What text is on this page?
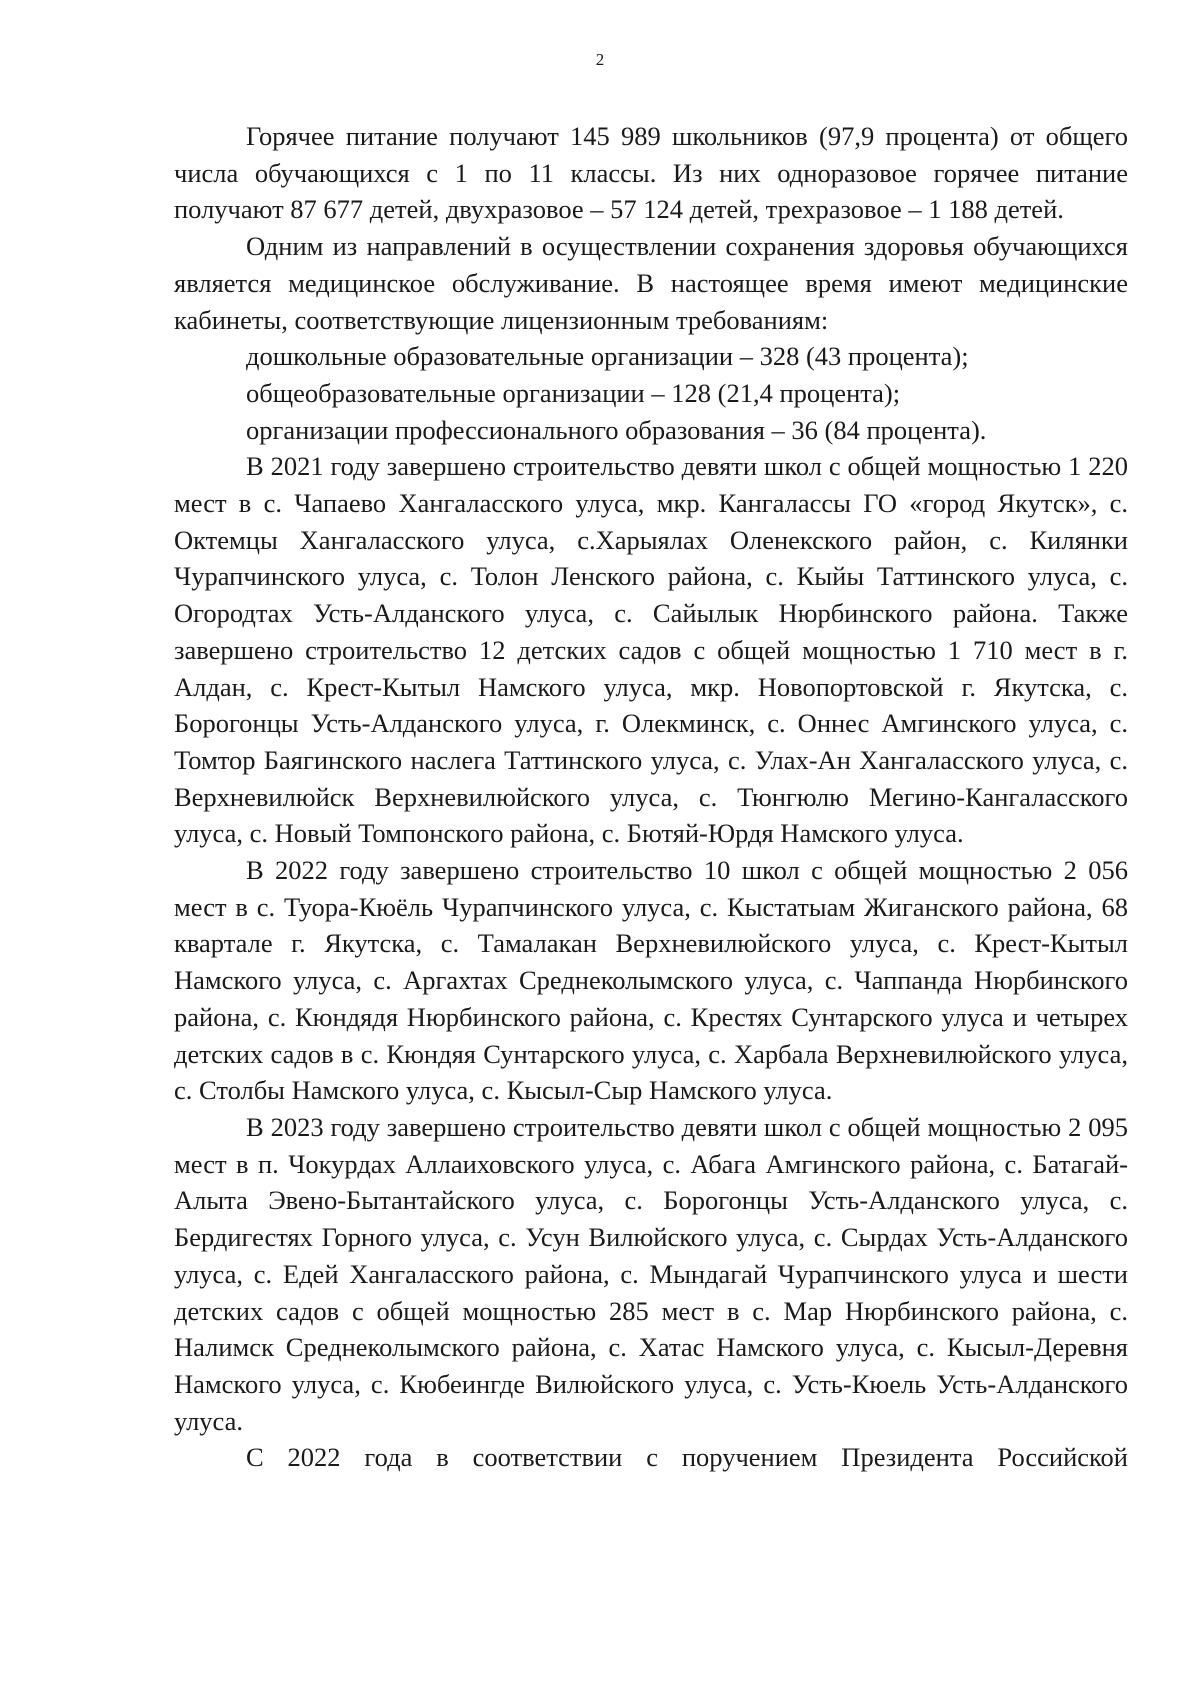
2

Горячее питание получают 145 989 школьников (97,9 процента) от общего числа обучающихся с 1 по 11 классы. Из них одноразовое горячее питание получают 87 677 детей, двухразовое – 57 124 детей, трехразовое – 1 188 детей.

Одним из направлений в осуществлении сохранения здоровья обучающихся является медицинское обслуживание. В настоящее время имеют медицинские кабинеты, соответствующие лицензионным требованиям:

дошкольные образовательные организации – 328 (43 процента);

общеобразовательные организации – 128 (21,4 процента);

организации профессионального образования – 36 (84 процента).

В 2021 году завершено строительство девяти школ с общей мощностью 1 220 мест в с. Чапаево Хангаласского улуса, мкр. Кангалассы ГО «город Якутск», с. Октемцы Хангаласского улуса, с.Харыялах Оленекского район, с. Килянки Чурапчинского улуса, с. Толон Ленского района, с. Кыйы Таттинского улуса, с. Огородтах Усть-Алданского улуса, с. Сайылык Нюрбинского района. Также завершено строительство 12 детских садов с общей мощностью 1 710 мест в г. Алдан, с. Крест-Кытыл Намского улуса, мкр. Новопортовской г. Якутска, с. Борогонцы Усть-Алданского улуса, г. Олекминск, с. Оннес Амгинского улуса, с. Томтор Баягинского наслега Таттинского улуса, с. Улах-Ан Хангаласского улуса, с. Верхневилюйск Верхневилюйского улуса, с. Тюнгюлю Мегино-Кангаласского улуса, с. Новый Томпонского района, с. Бютяй-Юрдя Намского улуса.

В 2022 году завершено строительство 10 школ с общей мощностью 2 056 мест в с. Туора-Кюёль Чурапчинского улуса, с. Кыстатыам Жиганского района, 68 квартале г. Якутска, с. Тамалакан Верхневилюйского улуса, с. Крест-Кытыл Намского улуса, с. Аргахтах Среднеколымского улуса, с. Чаппанда Нюрбинского района, с. Кюндядя Нюрбинского района, с. Крестях Сунтарского улуса и четырех детских садов в с. Кюндяя Сунтарского улуса, с. Харбала Верхневилюйского улуса, с. Столбы Намского улуса, с. Кысыл-Сыр Намского улуса.

В 2023 году завершено строительство девяти школ с общей мощностью 2 095 мест в п. Чокурдах Аллаиховского улуса, с. Абага Амгинского района, с. Батагай-Алыта Эвено-Бытантайского улуса, с. Борогонцы Усть-Алданского улуса, с. Бердигестях Горного улуса, с. Усун Вилюйского улуса, с. Сырдах Усть-Алданского улуса, с. Едей Хангаласского района, с. Мындагай Чурапчинского улуса и шести детских садов с общей мощностью 285 мест в с. Мар Нюрбинского района, с. Налимск Среднеколымского района, с. Хатас Намского улуса, с. Кысыл-Деревня Намского улуса, с. Кюбеингде Вилюйского улуса, с. Усть-Кюель Усть-Алданского улуса.

С 2022 года в соответствии с поручением Президента Российской
